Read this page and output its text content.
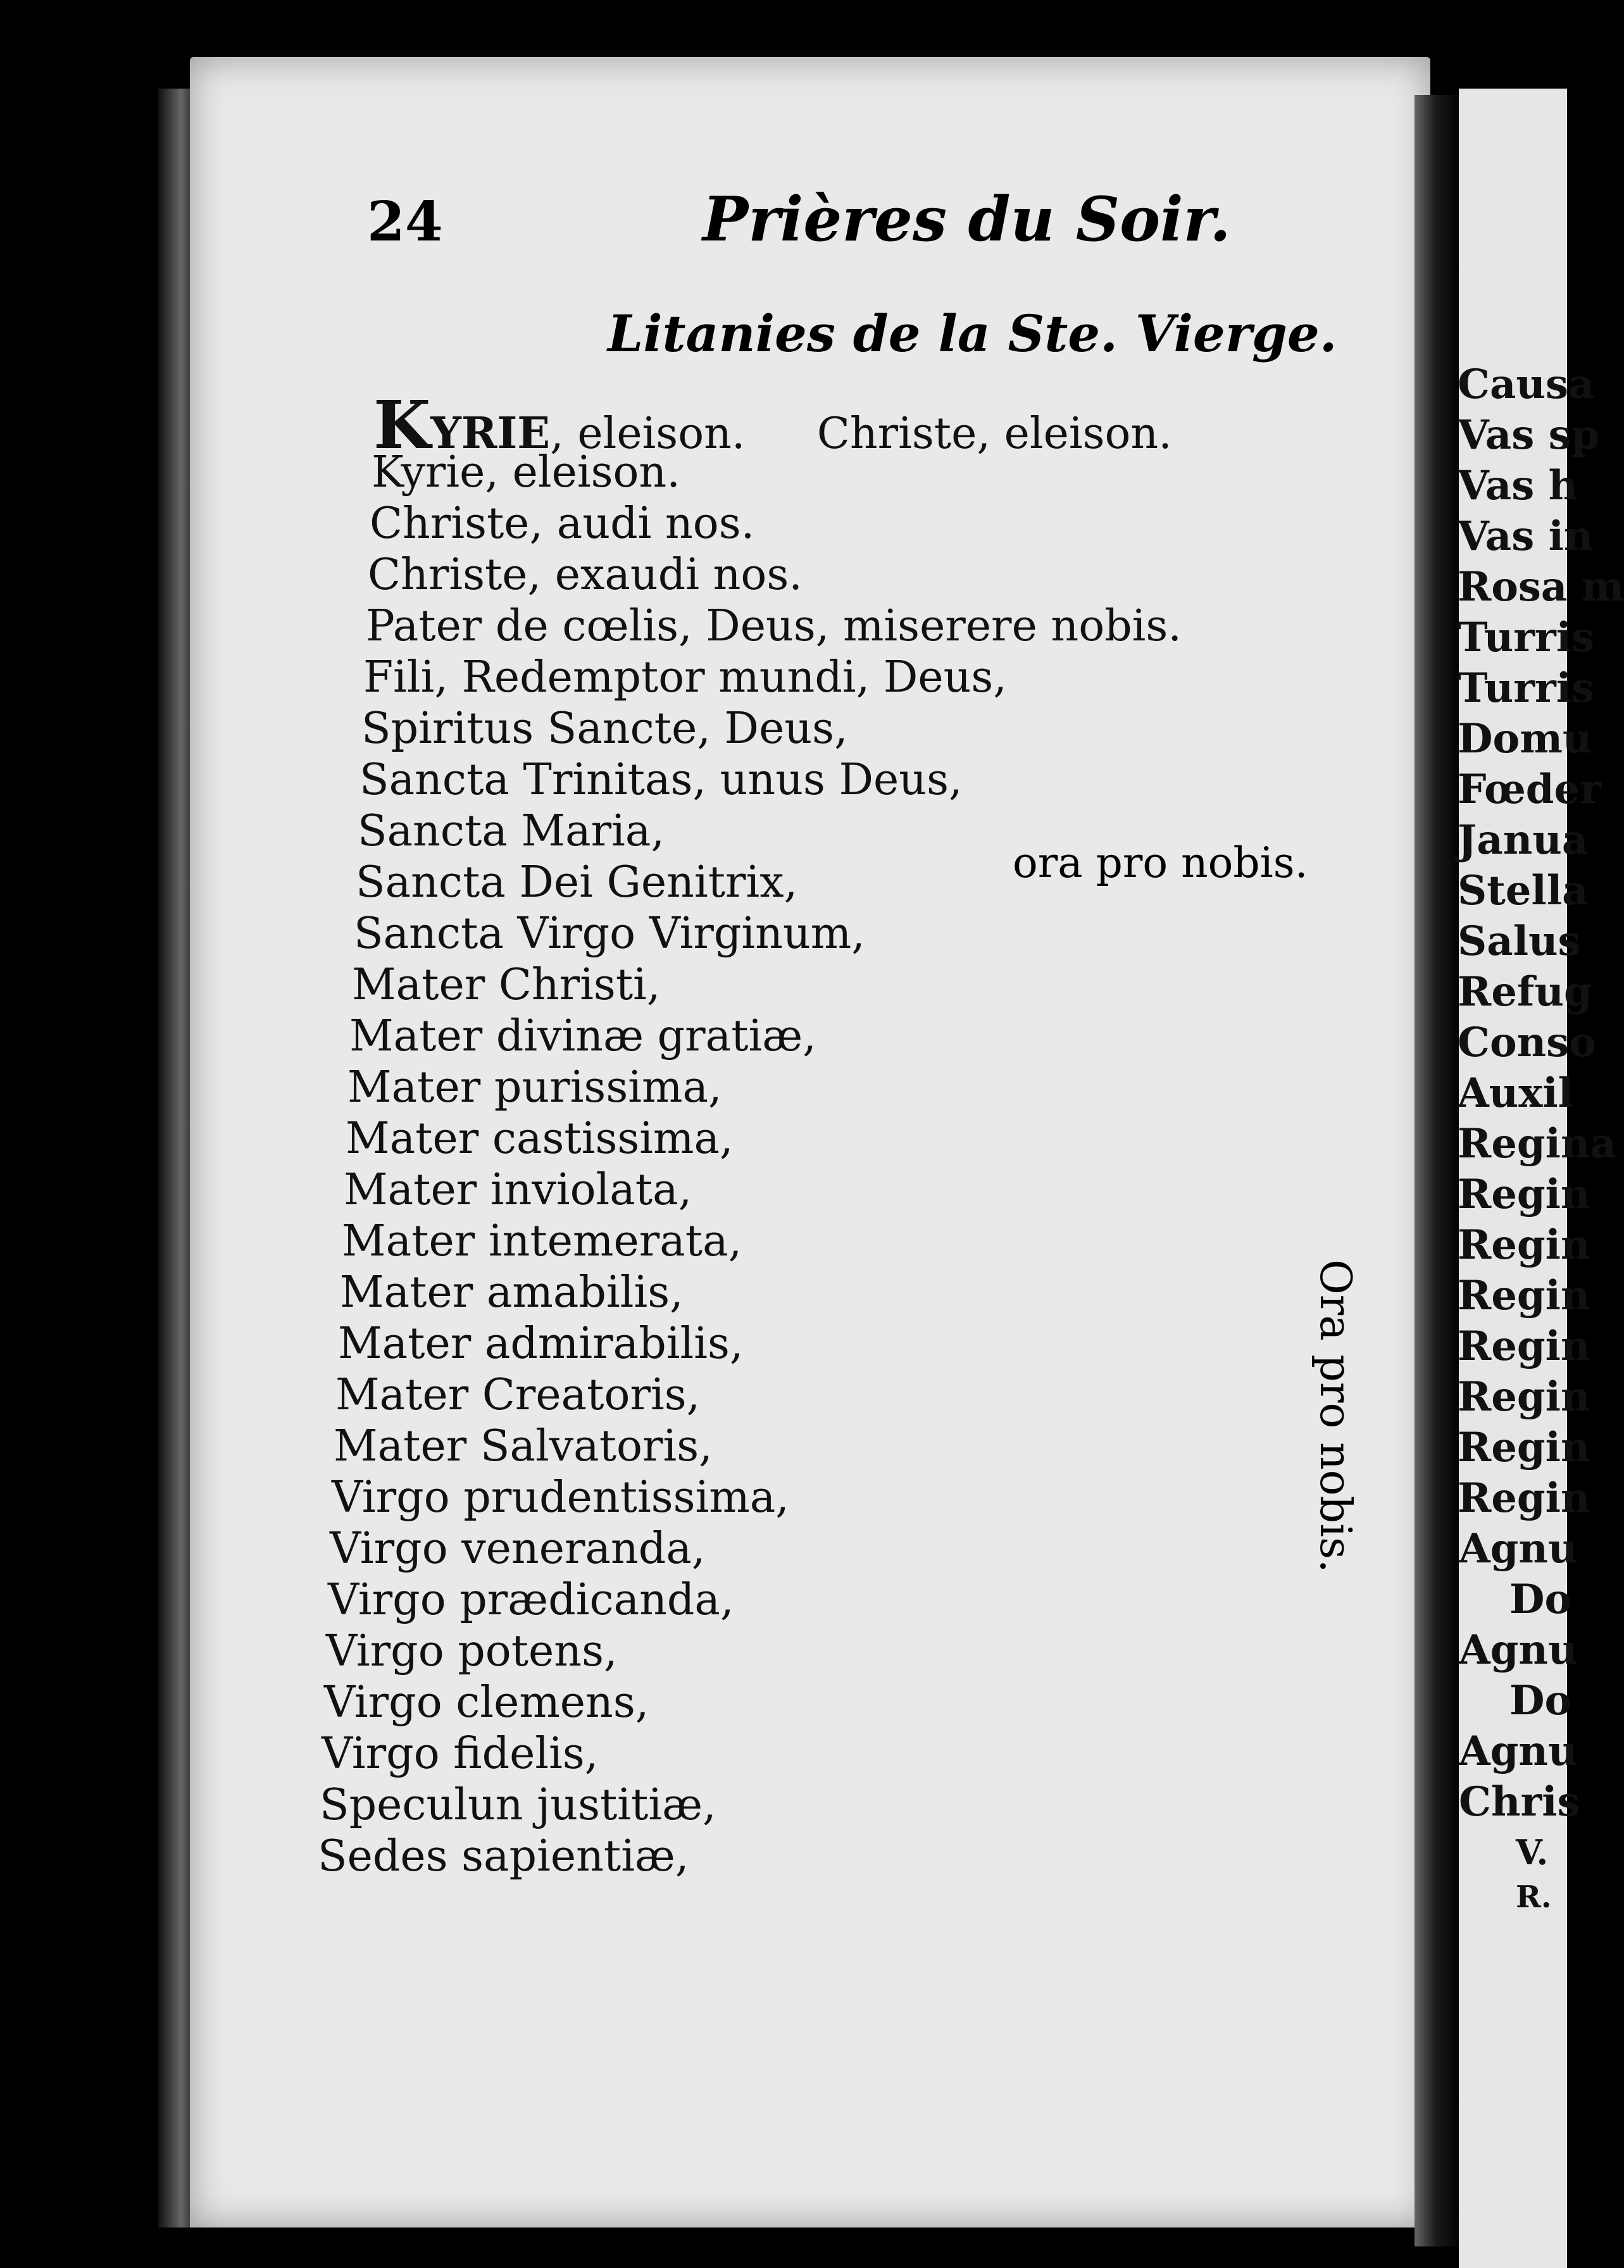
24	Prières du Soir.
Litanies de la Ste. Vierge.
KYRIE, eleison. Christe, eleison.
Kyrie, eleison.
Christe, audi nos.
Christe, exaudi nos.
Pater de cœlis, Deus, miserere nobis.
Fili, Redemptor mundi, Deus,
Spiritus Sancte, Deus,
Sancta Trinitas, unus Deus,
Sancta Maria,
Sancta Dei Genitrix,
Sancta Virgo Virginum,
Mater Christi,
Mater divinæ gratiæ,
Mater purissima,
Mater castissima,
Mater inviolata,
Mater intemerata,
Mater amabilis,
Mater admirabilis,
Mater Creatoris,
Mater Salvatoris,
Virgo prudentissima,
Virgo veneranda,
Virgo prædicanda,
Virgo potens,
Virgo clemens,
Virgo fidelis,
Speculun justitiæ,
Sedes sapientiæ,
ora pro nobis.
Ora pro nobis.
Causa
Vas sp
Vas h
Vas in
Rosa m
Turris
Turris
Domu
Fœder
Janua
Stella
Salus
Refug
Conso
Auxil
Regina
Regin
Regin
Regin
Regin
Regin
Regin
Regin
Agnu
Do
Agnu
Do
Agnu
Chris
V.
R.
